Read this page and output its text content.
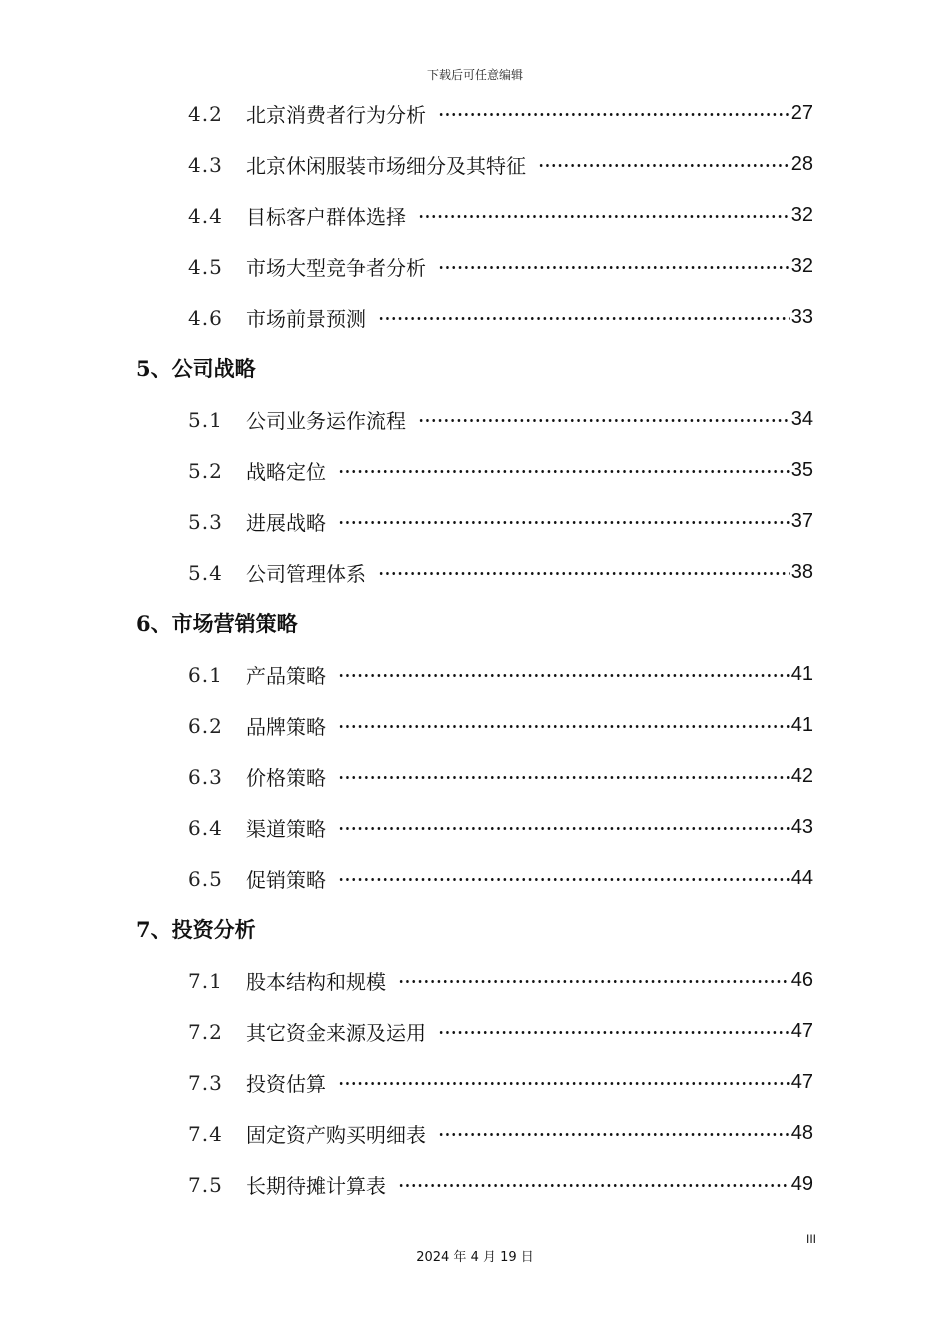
下载后可任意编辑
4.2	北京消费者行为分析	27
4.3	北京休闲服装市场细分及其特征	28
4.4	目标客户群体选择	32
4.5	市场大型竞争者分析	32
4.6	市场前景预测	33
5、公司战略
5.1	公司业务运作流程	34
5.2	战略定位	35
5.3	进展战略	37
5.4	公司管理体系	38
6、市场营销策略
6.1	产品策略	41
6.2	品牌策略	41
6.3	价格策略	42
6.4	渠道策略	43
6.5	促销策略	44
7、投资分析
7.1	股本结构和规模	46
7.2	其它资金来源及运用	47
7.3	投资估算	47
7.4	固定资产购买明细表	48
7.5	长期待摊计算表	49
III
2024 年 4 月 19 日
